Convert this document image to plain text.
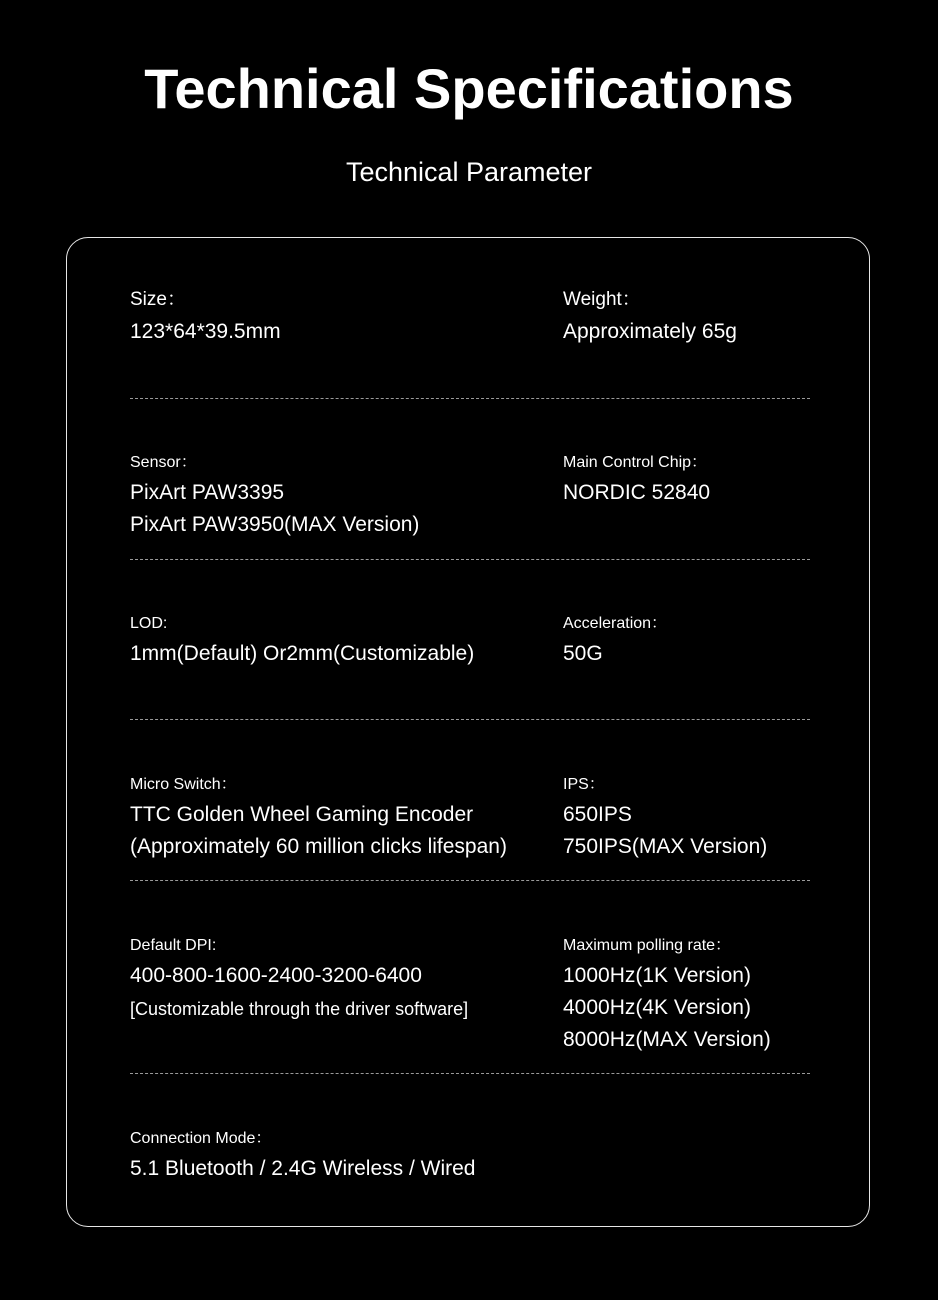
Technical Specifications
Technical Parameter
Size：
123*64*39.5mm
Weight：
Approximately 65g
Sensor：
PixArt PAW3395
PixArt PAW3950(MAX Version)
Main Control Chip：
NORDIC 52840
LOD:
1mm(Default) Or2mm(Customizable)
Acceleration：
50G
Micro Switch：
TTC Golden Wheel Gaming Encoder
(Approximately 60 million clicks lifespan)
IPS：
650IPS
750IPS(MAX Version)
Default DPI:
400-800-1600-2400-3200-6400
[Customizable through the driver software]
Maximum polling rate：
1000Hz(1K Version)
4000Hz(4K Version)
8000Hz(MAX Version)
Connection Mode：
5.1 Bluetooth / 2.4G Wireless / Wired
